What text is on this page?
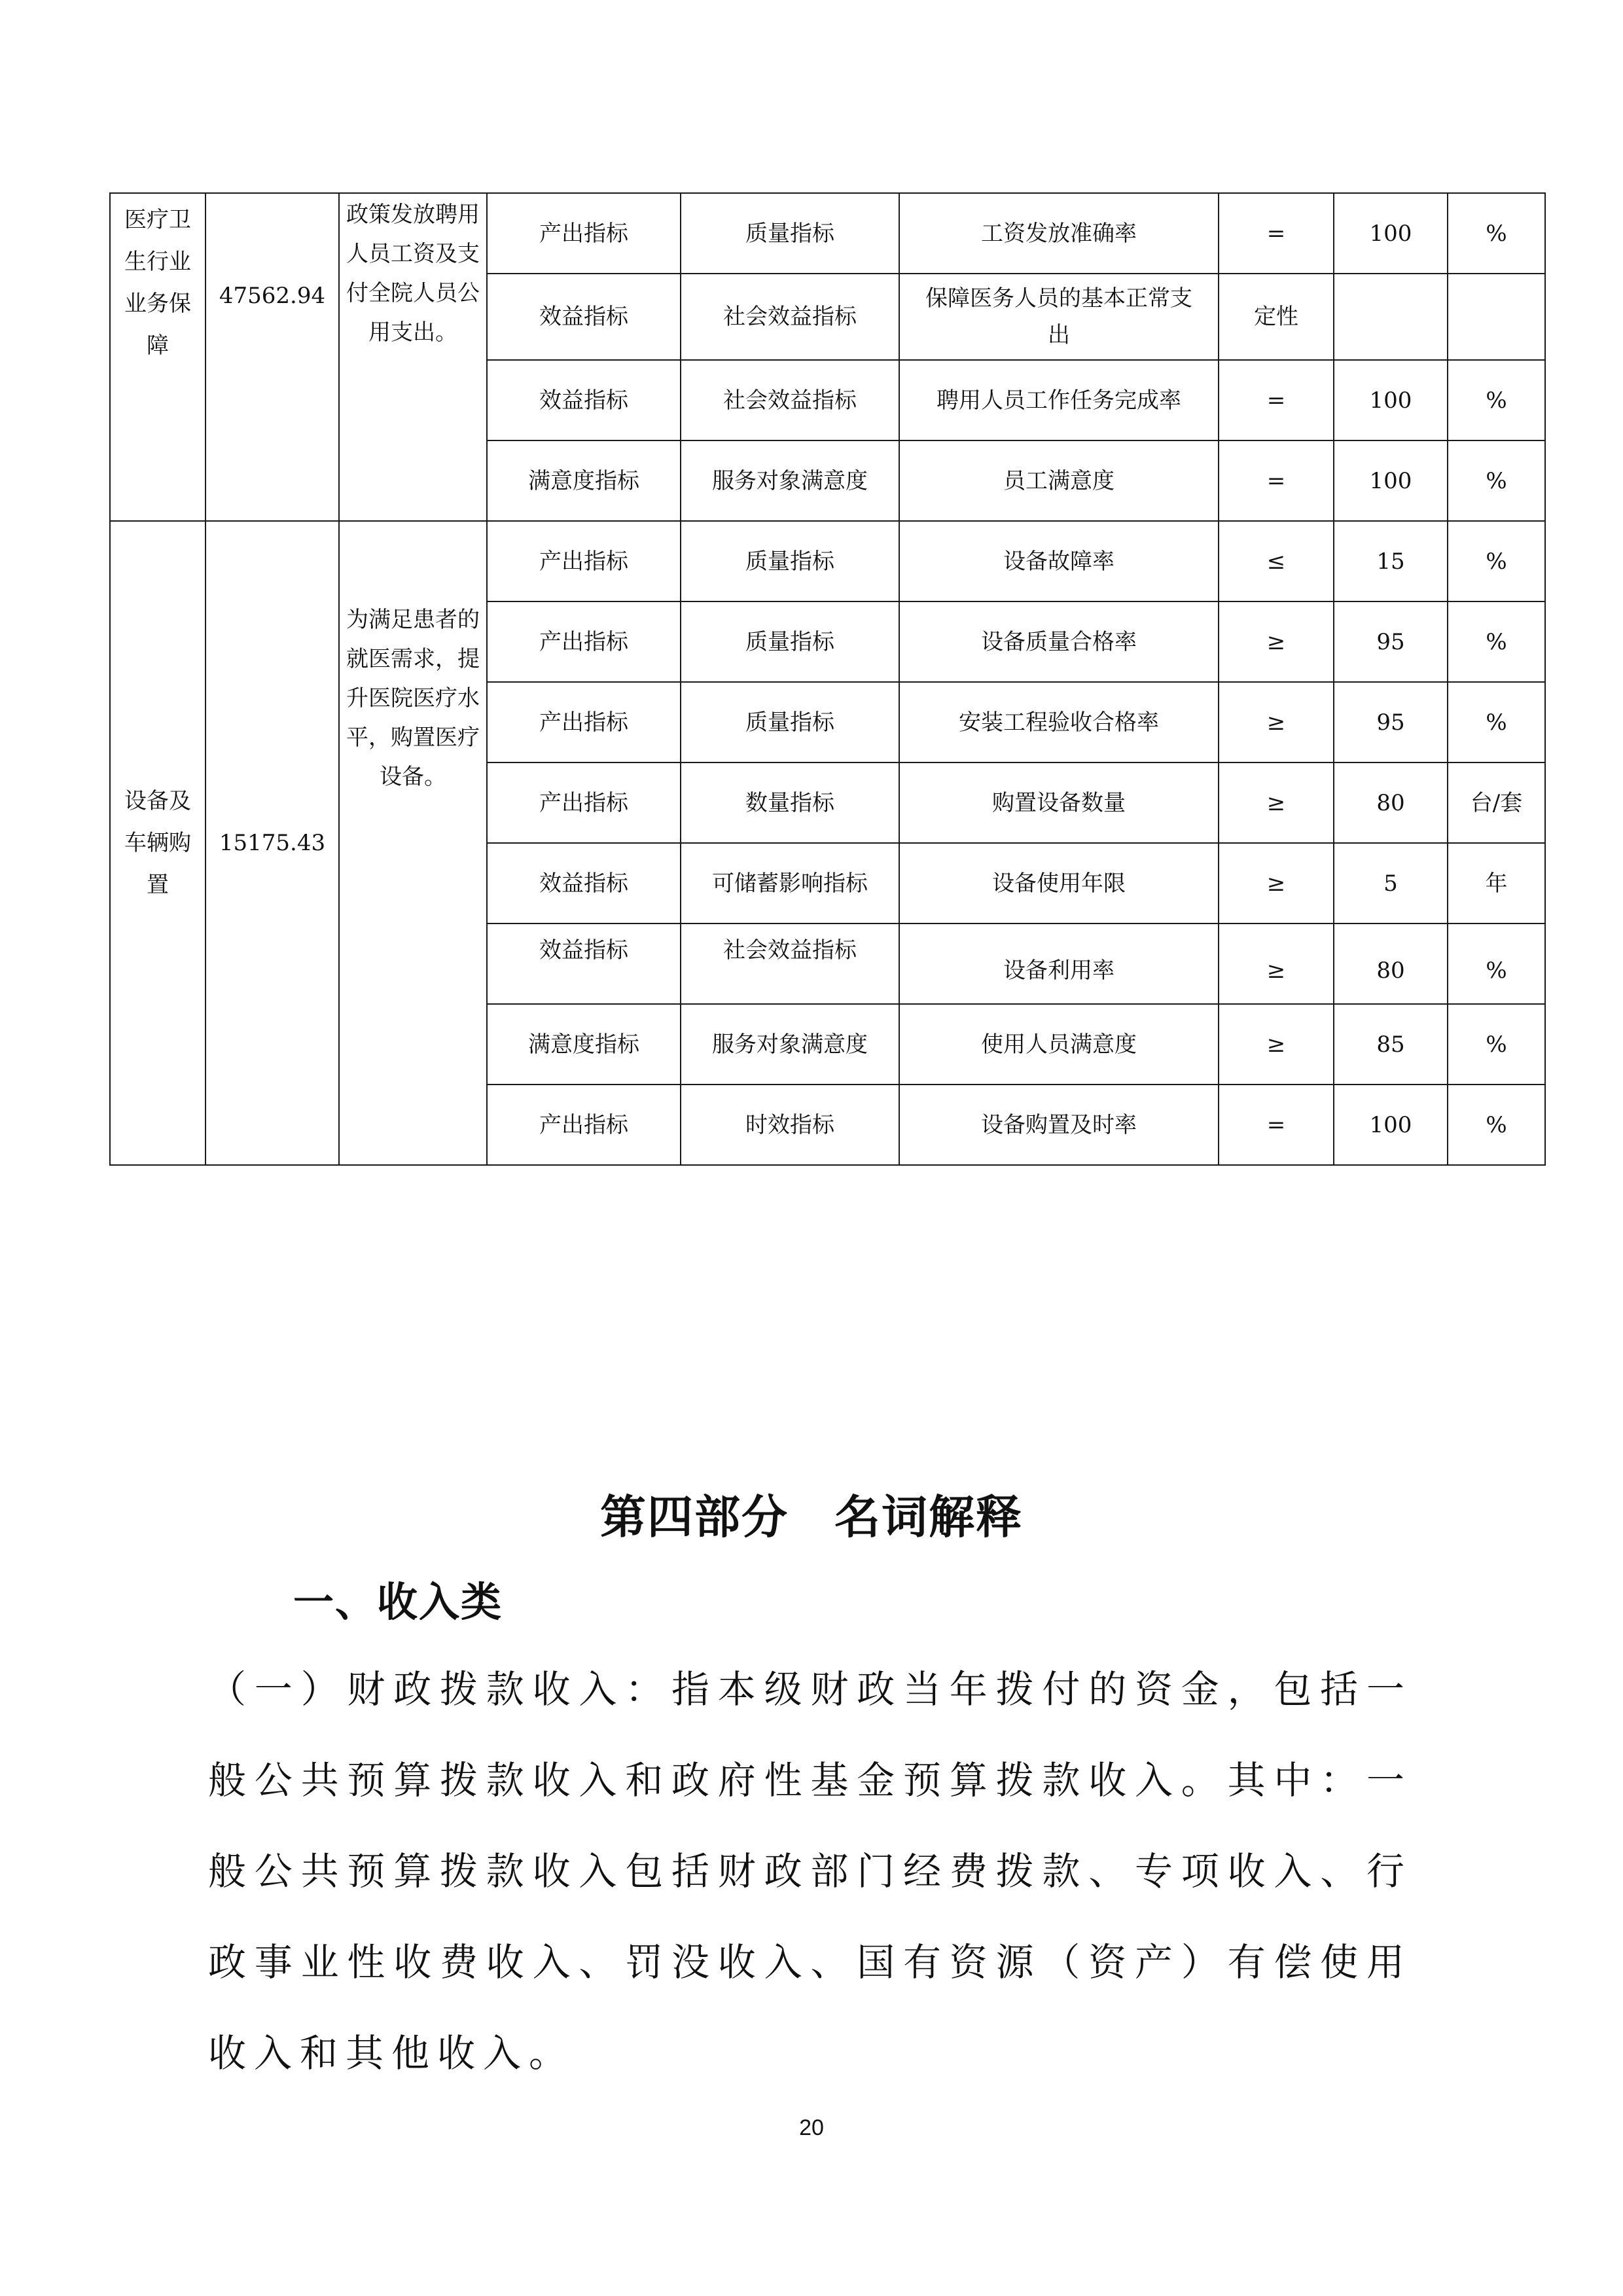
医疗卫生行业业务保障	47562.94	政策发放聘用人员工资及支付全院人员公用支出。	产出指标	质量指标	工资发放准确率	=	100	%
			效益指标	社会效益指标	保障医务人员的基本正常支出	定性		
			效益指标	社会效益指标	聘用人员工作任务完成率	=	100	%
			满意度指标	服务对象满意度	员工满意度	=	100	%
设备及车辆购置	15175.43	为满足患者的就医需求，提升医院医疗水平，购置医疗设备。	产出指标	质量指标	设备故障率	≤	15	%
			产出指标	质量指标	设备质量合格率	≥	95	%
			产出指标	质量指标	安装工程验收合格率	≥	95	%
			产出指标	数量指标	购置设备数量	≥	80	台/套
			效益指标	可储蓄影响指标	设备使用年限	≥	5	年
			效益指标	社会效益指标	设备利用率	≥	80	%
			满意度指标	服务对象满意度	使用人员满意度	≥	85	%
			产出指标	时效指标	设备购置及时率	=	100	%
第四部分 名词解释
一、收入类

（一）财政拨款收入：指本级财政当年拨付的资金，包括一般公共预算拨款收入和政府性基金预算拨款收入。其中：一般公共预算拨款收入包括财政部门经费拨款、专项收入、行政事业性收费收入、罚没收入、国有资源（资产）有偿使用收入和其他收入。

20
